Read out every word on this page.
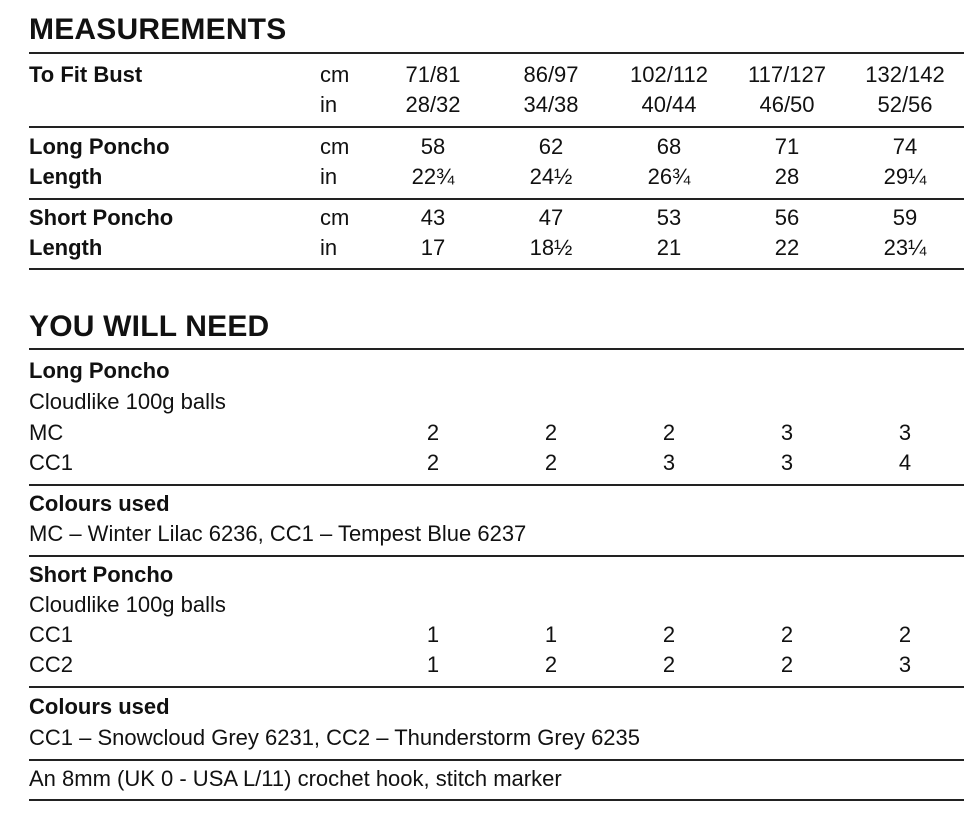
MEASUREMENTS
To Fit Bust	cm	71/81	86/97	102/112	117/127	132/142
in	28/32	34/38	40/44	46/50	52/56
Long Poncho	cm	58	62	68	71	74
Length	in	22¾	24½	26¾	28	29¼
Short Poncho	cm	43	47	53	56	59
Length	in	17	18½	21	22	23¼
YOU WILL NEED
Long Poncho
Cloudlike 100g balls
MC	2	2	2	3	3
CC1	2	2	3	3	4
Colours used
MC – Winter Lilac 6236, CC1 – Tempest Blue 6237
Short Poncho
Cloudlike 100g balls
CC1	1	1	2	2	2
CC2	1	2	2	2	3
Colours used
CC1 – Snowcloud Grey 6231, CC2 – Thunderstorm Grey 6235
An 8mm (UK 0 - USA L/11) crochet hook, stitch marker
